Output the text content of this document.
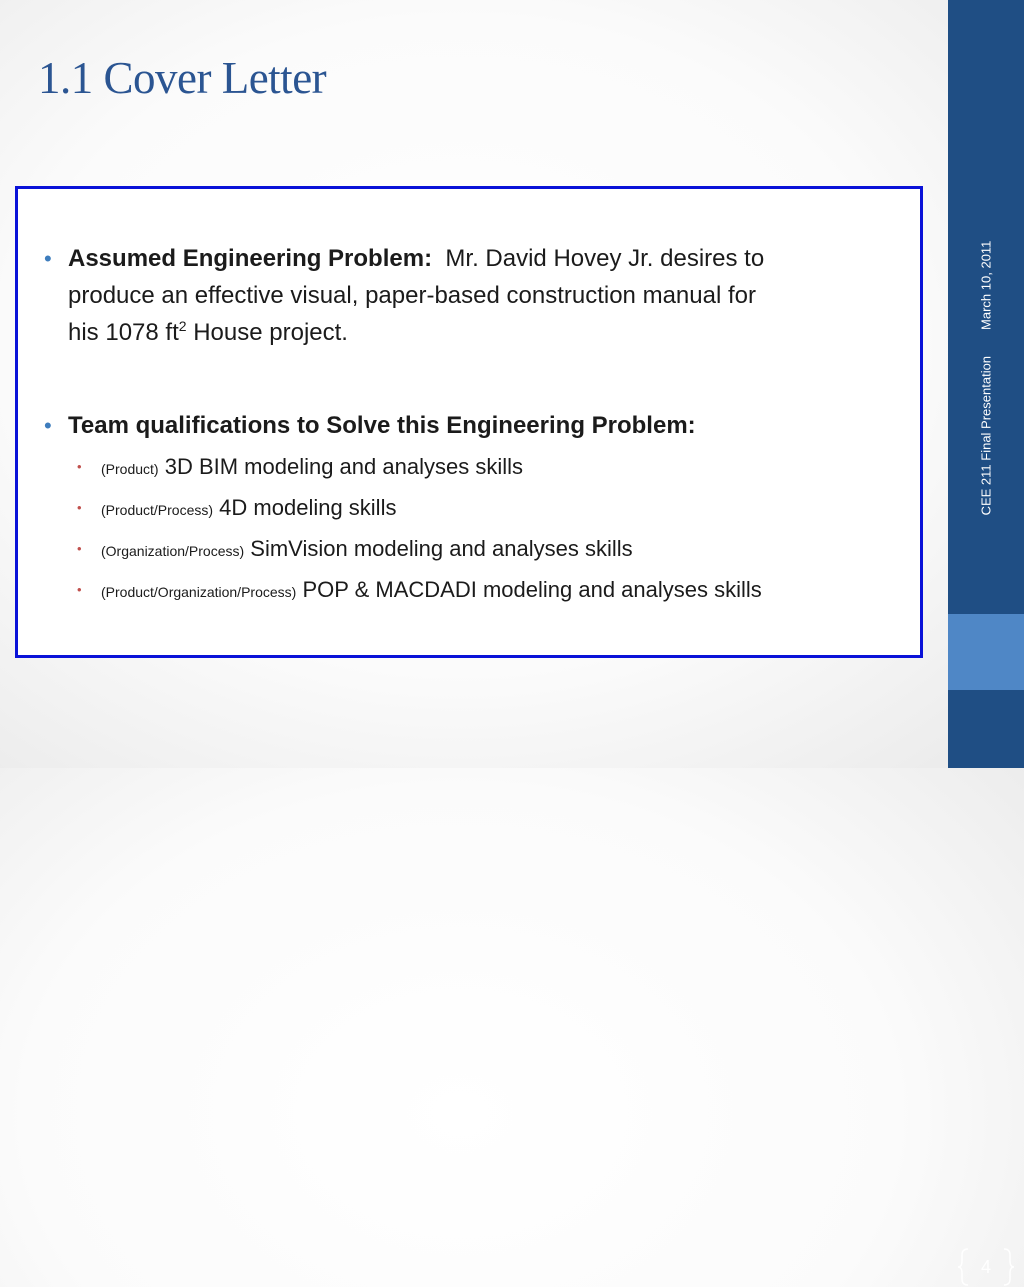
1.1 Cover Letter
• Assumed Engineering Problem: Mr. David Hovey Jr. desires to
produce an effective visual, paper-based construction manual for
his 1078 $ft^2$ House project.
• Team qualifications to Solve this Engineering Problem:
• (Product) 3D BIM modeling and analyses skills
• (Product/Process) 4D modeling skills
• (Organization/Process) SimVision modeling and analyses skills
• (Product/Organization/Process) POP & MACDADI modeling and analyses skills
CEE 211 Final PresentationMarch 10, 2011
4
